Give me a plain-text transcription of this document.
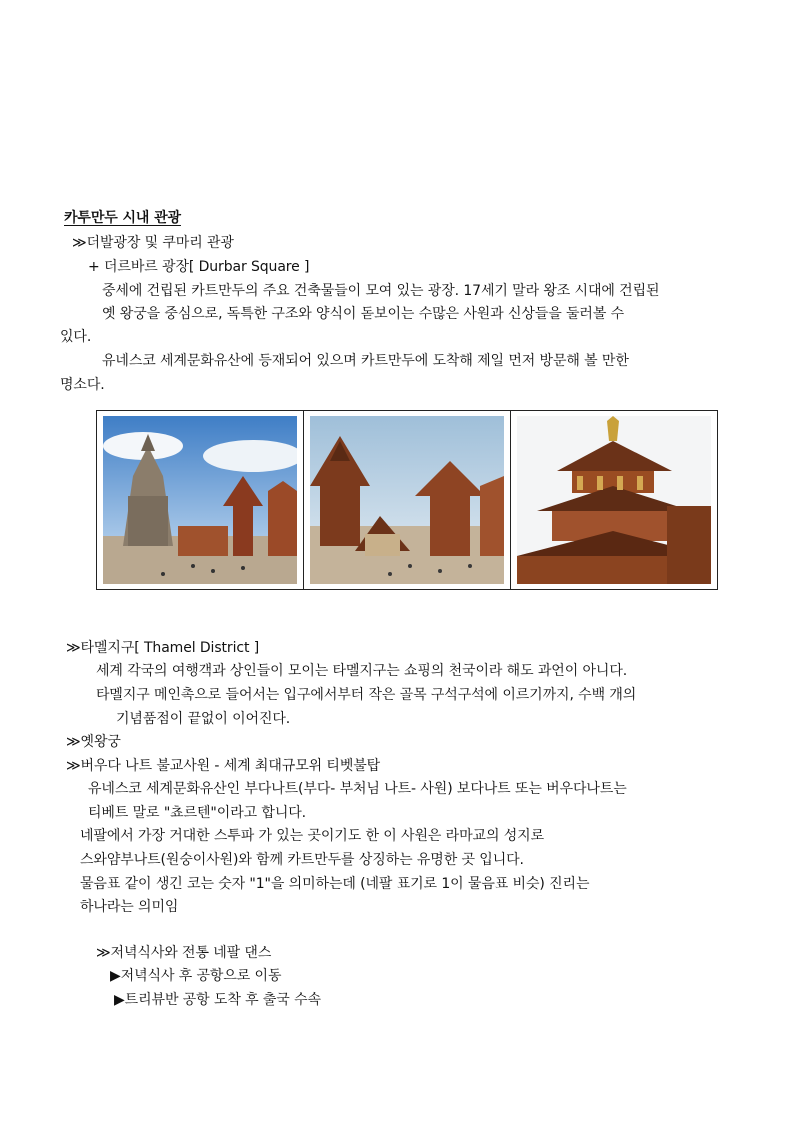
카투만두 시내 관광
≫더발광장 및 쿠마리 관광
+ 더르바르 광장[ Durbar Square ]
중세에 건립된 카트만두의 주요 건축물들이 모여 있는 광장. 17세기 말라 왕조 시대에 건립된
옛 왕궁을 중심으로, 독특한 구조와 양식이 돋보이는 수많은 사원과 신상들을 둘러볼 수
있다.
유네스코 세계문화유산에 등재되어 있으며 카트만두에 도착해 제일 먼저 방문해 볼 만한
명소다.
≫타멜지구[ Thamel District ]
세계 각국의 여행객과 상인들이 모이는 타멜지구는 쇼핑의 천국이라 해도 과언이 아니다.
타멜지구 메인촉으로 들어서는 입구에서부터 작은 골목 구석구석에 이르기까지, 수백 개의
기념품점이 끝없이 이어진다.
≫옛왕궁
≫버우다 나트 불교사원 - 세계 최대규모위 티벳불탑
유네스코 세계문화유산인 부다나트(부다- 부처님 나트- 사원) 보다나트 또는 버우다나트는
티베트 말로 "쵸르텐"이라고 합니다.
네팔에서 가장 거대한 스투파 가 있는 곳이기도 한 이 사원은 라마교의 성지로
스와얌부나트(원숭이사원)와 함께 카트만두를 상징하는 유명한 곳 입니다.
물음표 같이 생긴 코는 숫자 "1"을 의미하는데 (네팔 표기로 1이 물음표 비슷) 진리는
하나라는 의미임
≫저녁식사와 전통 네팔 댄스
▶저녁식사 후 공항으로 이동
▶트리뷰반 공항 도착 후 출국 수속
